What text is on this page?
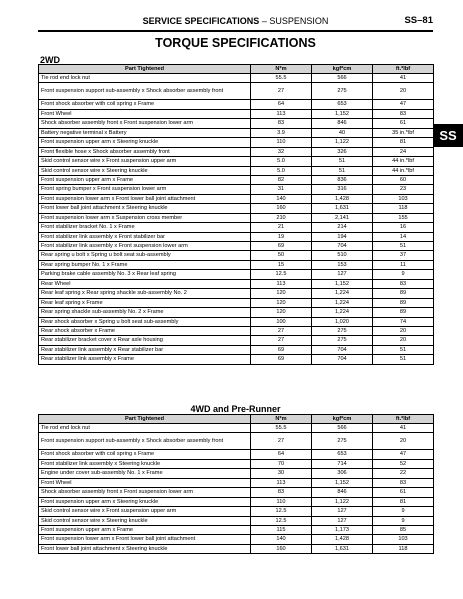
SERVICE SPECIFICATIONS – SUSPENSION	SS–81
TORQUE SPECIFICATIONS
2WD
SS
Part Tightened	N*m	kgf*cm	ft.*lbf
Tie rod end lock nut	55.5	566	41
Front suspension support sub-assembly x Shock absorber assembly front	27	275	20
Front shock absorber with coil spring x Frame	64	653	47
Front Wheel	113	1,152	83
Shock absorber assembly front x Front suspension lower arm	83	846	61
Battery negative terminal x Battery	3.9	40	35 in.*lbf
Front suspension upper arm x Steering knuckle	110	1,122	81
Front flexible hose x Shock absorber assembly front	32	326	24
Skid control sensor wire x Front suspension upper arm	5.0	51	44 in.*lbf
Skid control sensor wire x Steering knuckle	5.0	51	44 in.*lbf
Front suspension upper arm x Frame	82	836	60
Front spring bumper x Front suspension lower arm	31	316	23
Front suspension lower arm x Front lower ball joint attachment	140	1,428	103
Front lower ball joint attachment x Steering knuckle	160	1,631	118
Front suspension lower arm x Suspension cross member	210	2,141	155
Front stabilizer bracket No. 1 x Frame	21	214	16
Front stabilizer link assembly x Front stabilizer bar	19	194	14
Front stabilizer link assembly x Front suspension lower arm	69	704	51
Rear spring u bolt x Spring u bolt seat sub-assembly	50	510	37
Rear spring bumper No. 1 x Frame	15	153	11
Parking brake cable assembly No. 3 x Rear leaf spring	12.5	127	9
Rear Wheel	113	1,152	83
Rear leaf spring x Rear spring shackle sub-assembly No. 2	120	1,224	89
Rear leaf spring x Frame	120	1,224	89
Rear spring shackle sub-assembly No. 2 x Frame	120	1,224	89
Rear shock absorber x Spring u bolt seat sub-assembly	100	1,020	74
Rear shock absorber x Frame	27	275	20
Rear stabilizer bracket cover x Rear axle housing	27	275	20
Rear stabilizer link assembly x Rear stabilizer bar	69	704	51
Rear stabilizer link assembly x Frame	69	704	51
4WD and Pre-Runner
Part Tightened	N*m	kgf*cm	ft.*lbf
Tie rod end lock nut	55.5	566	41
Front suspension support sub-assembly x Shock absorber assembly front	27	275	20
Front shock absorber with coil spring x Frame	64	653	47
Front stabilizer link assembly x Steering knuckle	70	714	52
Engine under cover sub-assembly No. 1 x Frame	30	306	22
Front Wheel	113	1,152	83
Shock absorber assembly front x Front suspension lower arm	83	846	61
Front suspension upper arm x Steering knuckle	110	1,122	81
Skid control sensor wire x Front suspension upper arm	12.5	127	9
Skid control sensor wire x Steering knuckle	12.5	127	9
Front suspension upper arm x Frame	115	1,173	85
Front suspension lower arm x Front lower ball joint attachment	140	1,428	103
Front lower ball joint attachment x Steering knuckle	160	1,631	118
